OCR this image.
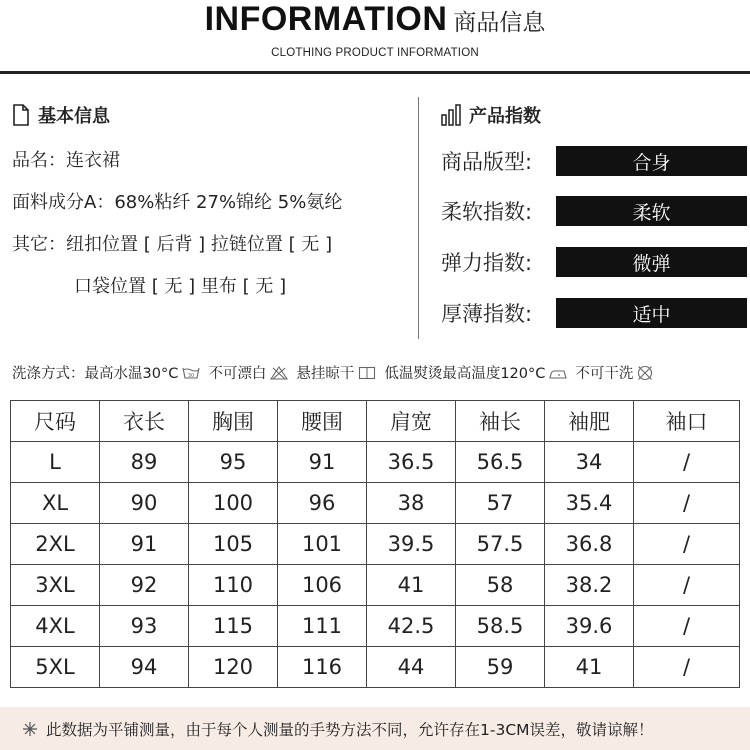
INFORMATION 商品信息
CLOTHING PRODUCT INFORMATION
基本信息
品名：连衣裙
面料成分A：68%粘纤 27%锦纶 5%氨纶
其它：纽扣位置 [ 后背 ] 拉链位置 [ 无 ]
口袋位置 [ 无 ] 里布 [ 无 ]
产品指数
商品版型:	合身
柔软指数:	柔软
弹力指数:	微弹
厚薄指数:	适中
洗涤方式： 最高水温30°C 30 不可漂白 悬挂晾干 低温熨烫最高温度120°C 不可干洗
尺码	衣长	胸围	腰围	肩宽	袖长	袖肥	袖口
L	89	95	91	36.5	56.5	34	/
XL	90	100	96	38	57	35.4	/
2XL	91	105	101	39.5	57.5	36.8	/
3XL	92	110	106	41	58	38.2	/
4XL	93	115	111	42.5	58.5	39.6	/
5XL	94	120	116	44	59	41	/
此数据为平铺测量，由于每个人测量的手势方法不同，允许存在1-3CM误差，敬请谅解！
